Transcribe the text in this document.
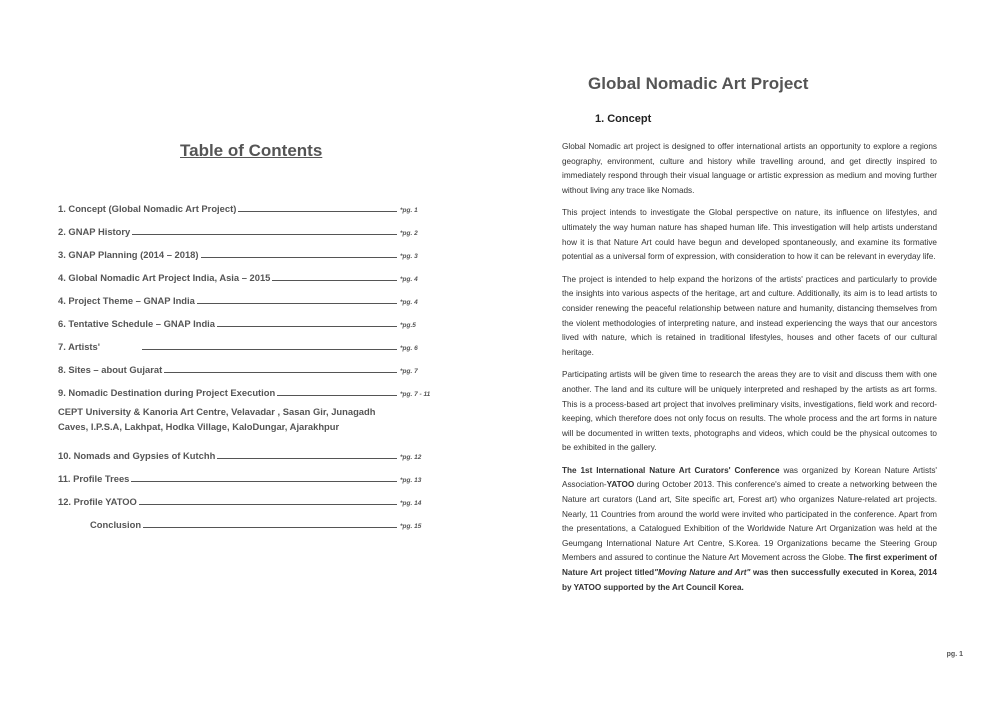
Table of Contents
1. Concept (Global Nomadic Art Project)	*pg. 1
2. GNAP History	*pg. 2
3. GNAP Planning (2014 – 2018)	*pg. 3
4. Global Nomadic Art Project India, Asia – 2015	*pg. 4
4. Project Theme – GNAP India	*pg. 4
6. Tentative Schedule – GNAP India	*pg.5
7. Artists'	*pg. 6
8. Sites – about Gujarat	*pg. 7
9. Nomadic Destination during Project Execution	*pg. 7 - 11
CEPT University & Kanoria Art Centre, Velavadar , Sasan Gir, Junagadh
Caves, I.P.S.A, Lakhpat, Hodka Village, KaloDungar, Ajarakhpur
10. Nomads and Gypsies of Kutchh	*pg. 12
11. Profile Trees	*pg. 13
12. Profile YATOO	*pg. 14
Conclusion	*pg. 15
Global Nomadic Art Project
1. Concept

Global Nomadic art project is designed to offer international artists an opportunity to explore a regions geography, environment, culture and history while travelling around, and get directly inspired to immediately respond through their visual language or artistic expression as medium and moving further without living any trace like Nomads.

This project intends to investigate the Global perspective on nature, its influence on lifestyles, and ultimately the way human nature has shaped human life. This investigation will help artists understand how it is that Nature Art could have begun and developed spontaneously, and examine its formative potential as a universal form of expression, with consideration to how it can be relevant in everyday life.

The project is intended to help expand the horizons of the artists' practices and particularly to provide the insights into various aspects of the heritage, art and culture. Additionally, its aim is to lead artists to consider renewing the peaceful relationship between nature and humanity, distancing themselves from the violent methodologies of interpreting nature, and instead experiencing the ways that our ancestors lived with nature, which is retained in traditional lifestyles, houses and other facets of our cultural heritage.

Participating artists will be given time to research the areas they are to visit and discuss them with one another. The land and its culture will be uniquely interpreted and reshaped by the artists as art forms. This is a process-based art project that involves preliminary visits, investigations, field work and record-keeping, which therefore does not only focus on results. The whole process and the art forms in nature will be documented in written texts, photographs and videos, which could be the physical outcomes to be exhibited in the gallery.

The 1st International Nature Art Curators' Conference was organized by Korean Nature Artists' Association-YATOO during October 2013. This conference's aimed to create a networking between the Nature art curators (Land art, Site specific art, Forest art) who organizes Nature-related art projects. Nearly, 11 Countries from around the world were invited who participated in the conference. Apart from the presentations, a Catalogued Exhibition of the Worldwide Nature Art Organization was held at the Geumgang International Nature Art Centre, S.Korea. 19 Organizations became the Steering Group Members and assured to continue the Nature Art Movement across the Globe. The first experiment of Nature Art project titled"Moving Nature and Art" was then successfully executed in Korea, 2014 by YATOO supported by the Art Council Korea.

pg. 1
